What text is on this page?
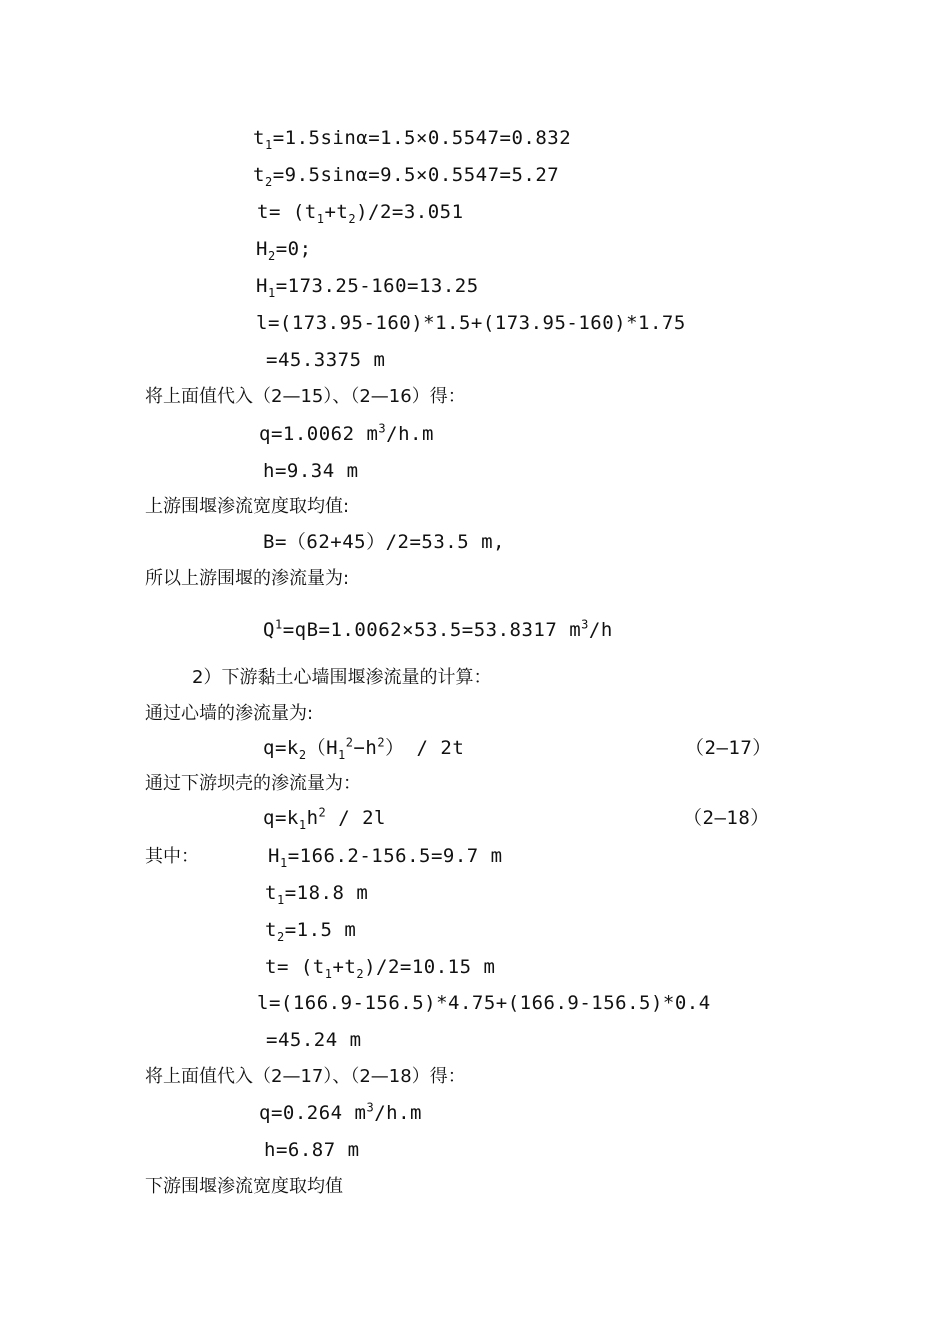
$t_1=1.5\sin\alpha=1.5\times 0.5547=0.832$
$t_2=9.5\sin\alpha=9.5\times 0.5547=5.27$
$t= (t_1+t_2)/2=3.051$
$H_2=0$;
$H_1=173.25-160=13.25$
l=(173.95-160)*1.5+(173.95-160)*1.75
=45.3375 m
将上面值代入（2—15）、（2—16）得：
q=1.0062 $m^3/h.m$
h=9.34 m
上游围堰渗流宽度取均值:
B=（62+45）/2=53.5 m,
所以上游围堰的渗流量为:
$Q^1=qB=1.0062\times 53.5=53.8317$ $m^3/h$
2）下游黏土心墙围堰渗流量的计算：
通过心墙的渗流量为:
$q=k_2(H_1^2-h^2) / 2t$	（2—17）
通过下游坝壳的渗流量为：
$q=k_1h^2 / 2l$	（2—18）
其中：	$H_1=166.2-156.5=9.7$ m
$t_1=18.8$ m
$t_2=1.5$ m
$t= (t_1+t_2)/2=10.15$ m
l=(166.9-156.5)*4.75+(166.9-156.5)*0.4
=45.24 m
将上面值代入（2—17）、（2—18）得：
q=0.264 $m^3/h.m$
h=6.87 m
下游围堰渗流宽度取均值
